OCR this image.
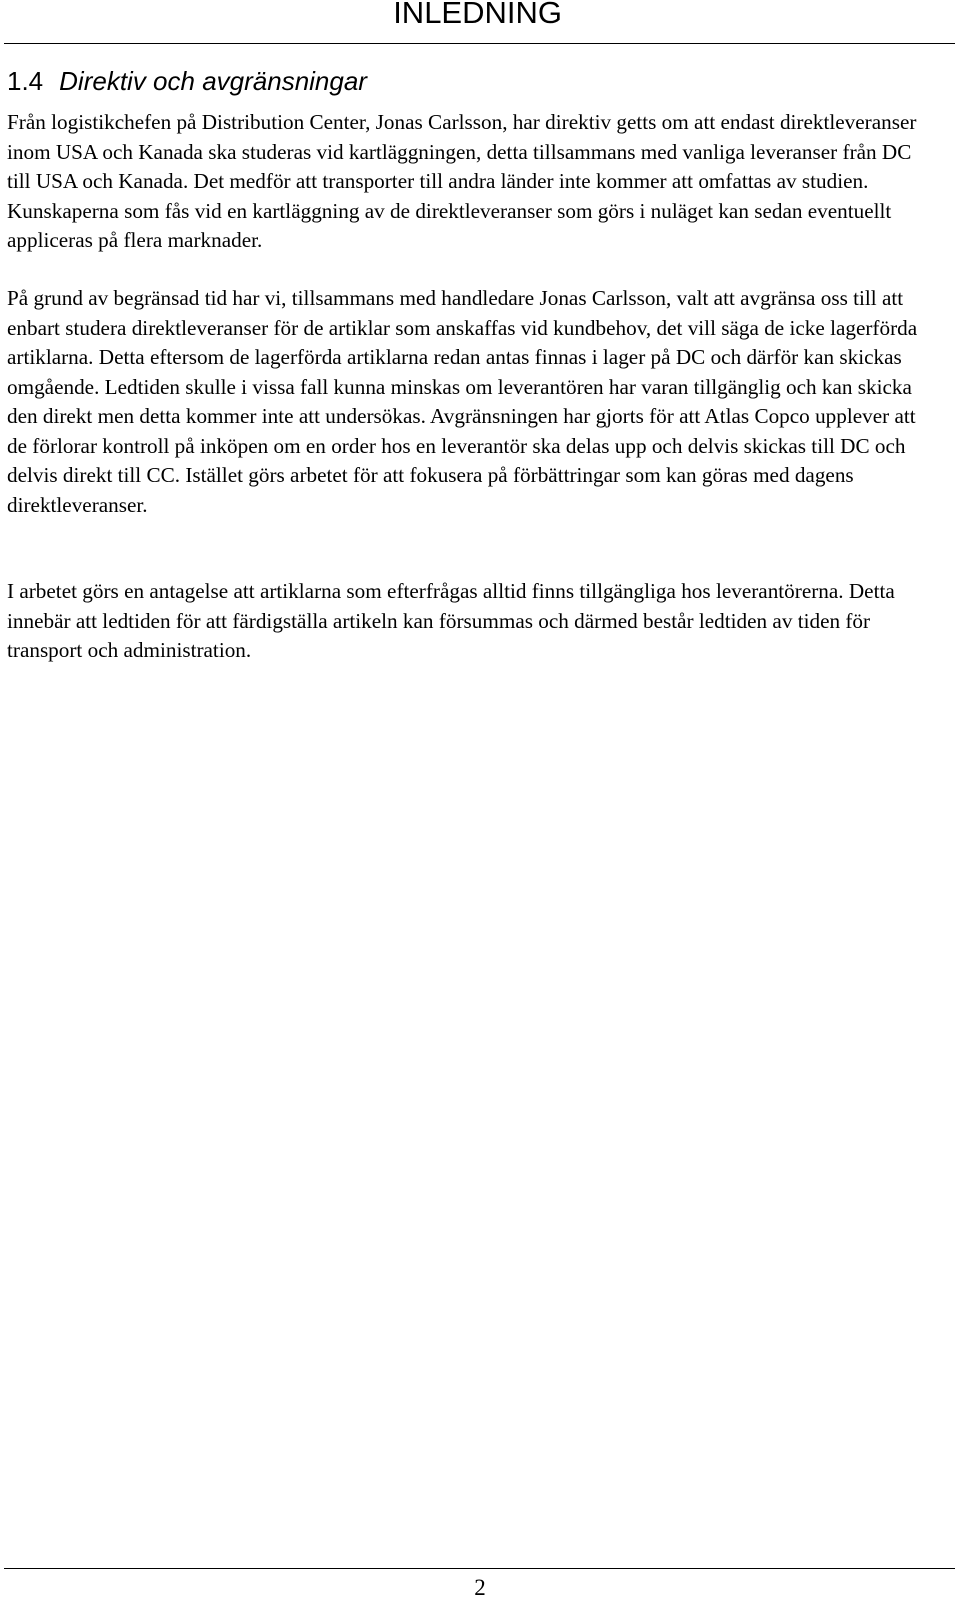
INLEDNING
1.4 Direktiv och avgränsningar

Från logistikchefen på Distribution Center, Jonas Carlsson, har direktiv getts om att endast direktleveranser inom USA och Kanada ska studeras vid kartläggningen, detta tillsammans med vanliga leveranser från DC till USA och Kanada. Det medför att transporter till andra länder inte kommer att omfattas av studien. Kunskaperna som fås vid en kartläggning av de direktleveranser som görs i nuläget kan sedan eventuellt appliceras på flera marknader.

På grund av begränsad tid har vi, tillsammans med handledare Jonas Carlsson, valt att avgränsa oss till att enbart studera direktleveranser för de artiklar som anskaffas vid kundbehov, det vill säga de icke lagerförda artiklarna. Detta eftersom de lagerförda artiklarna redan antas finnas i lager på DC och därför kan skickas omgående. Ledtiden skulle i vissa fall kunna minskas om leverantören har varan tillgänglig och kan skicka den direkt men detta kommer inte att undersökas. Avgränsningen har gjorts för att Atlas Copco upplever att de förlorar kontroll på inköpen om en order hos en leverantör ska delas upp och delvis skickas till DC och delvis direkt till CC. Istället görs arbetet för att fokusera på förbättringar som kan göras med dagens direktleveranser.

I arbetet görs en antagelse att artiklarna som efterfrågas alltid finns tillgängliga hos leverantörerna. Detta innebär att ledtiden för att färdigställa artikeln kan försummas och därmed består ledtiden av tiden för transport och administration.

2
